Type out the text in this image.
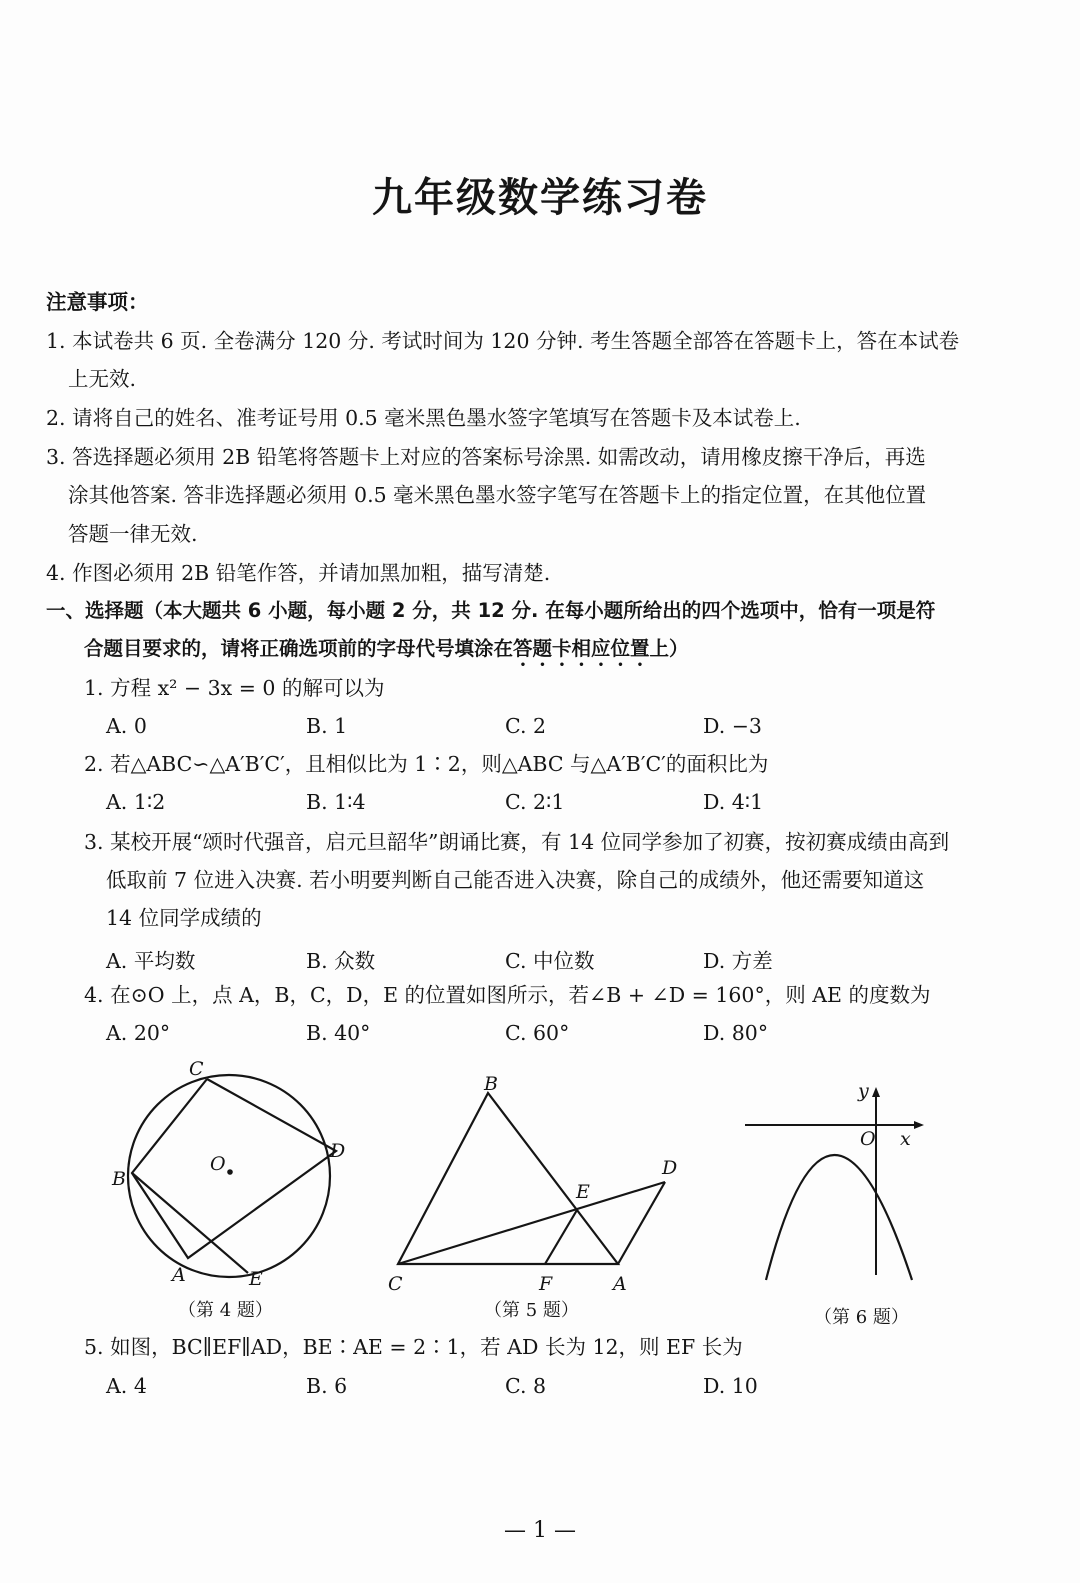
九年级数学练习卷
注意事项：
1. 本试卷共 6 页. 全卷满分 120 分. 考试时间为 120 分钟. 考生答题全部答在答题卡上，答在本试卷
上无效.
2. 请将自己的姓名、准考证号用 0.5 毫米黑色墨水签字笔填写在答题卡及本试卷上.
3. 答选择题必须用 2B 铅笔将答题卡上对应的答案标号涂黑. 如需改动，请用橡皮擦干净后，再选
涂其他答案. 答非选择题必须用 0.5 毫米黑色墨水签字笔写在答题卡上的指定位置，在其他位置
答题一律无效.
4. 作图必须用 2B 铅笔作答，并请加黑加粗，描写清楚.
一、选择题（本大题共 6 小题，每小题 2 分，共 12 分. 在每小题所给出的四个选项中，恰有一项是符
合题目要求的，请将正确选项前的字母代号填涂在答题卡相应位置上）
1. 方程 x² − 3x = 0 的解可以为
A. 0	B. 1	C. 2	D. −3
2. 若△ABC∽△A′B′C′，且相似比为 1∶2，则△ABC 与△A′B′C′的面积比为
A. 1∶2	B. 1∶4	C. 2∶1	D. 4∶1
3. 某校开展“颂时代强音，启元旦韶华”朗诵比赛，有 14 位同学参加了初赛，按初赛成绩由高到
低取前 7 位进入决赛. 若小明要判断自己能否进入决赛，除自己的成绩外，他还需要知道这
14 位同学成绩的
A. 平均数	B. 众数	C. 中位数	D. 方差
4. 在⊙O 上，点 A，B，C，D，E 的位置如图所示，若∠B + ∠D = 160°，则 AE 的度数为
A. 20°	B. 40°	C. 60°	D. 80°
C
D
B
O
A	E
（第 4 题）
B
D
E
C	F	A
（第 5 题）
y
x
O
（第 6 题）
5. 如图，BC∥EF∥AD，BE∶AE = 2∶1，若 AD 长为 12，则 EF 长为
A. 4	B. 6	C. 8	D. 10
— 1 —
